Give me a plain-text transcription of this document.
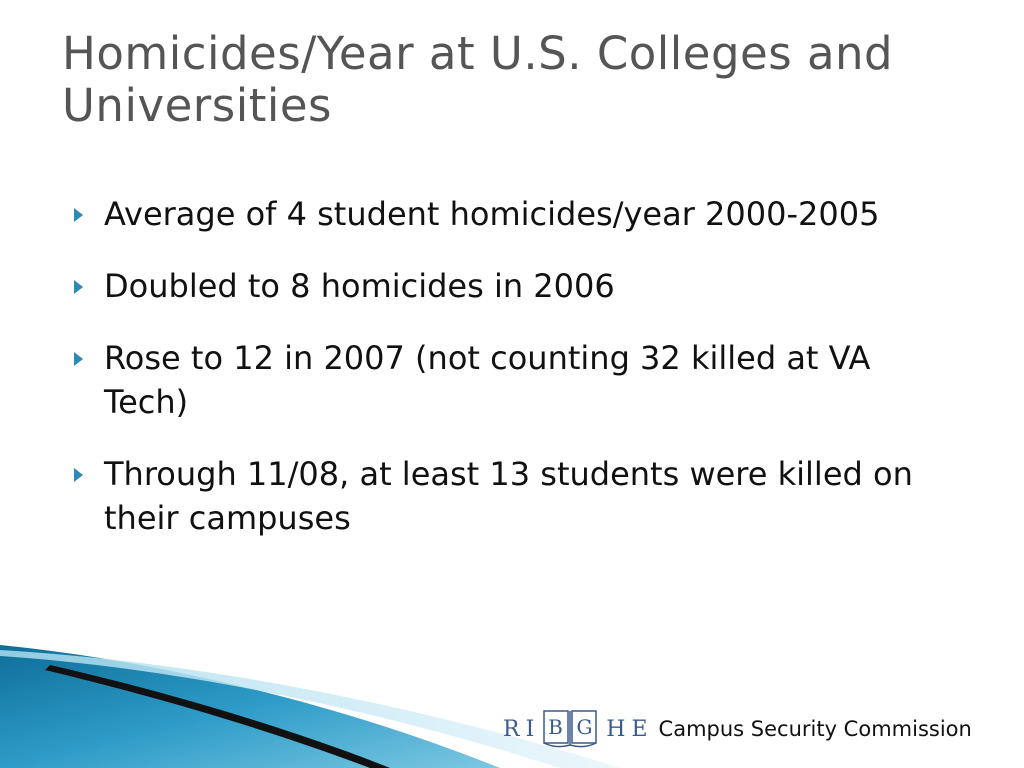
Homicides/Year at U.S. Colleges and Universities
Average of 4 student homicides/year 2000-2005
Doubled to 8 homicides in 2006
Rose to 12 in 2007 (not counting 32 killed at VA Tech)
Through 11/08, at least 13 students were killed on their campuses
R I B G H E Campus Security Commission
